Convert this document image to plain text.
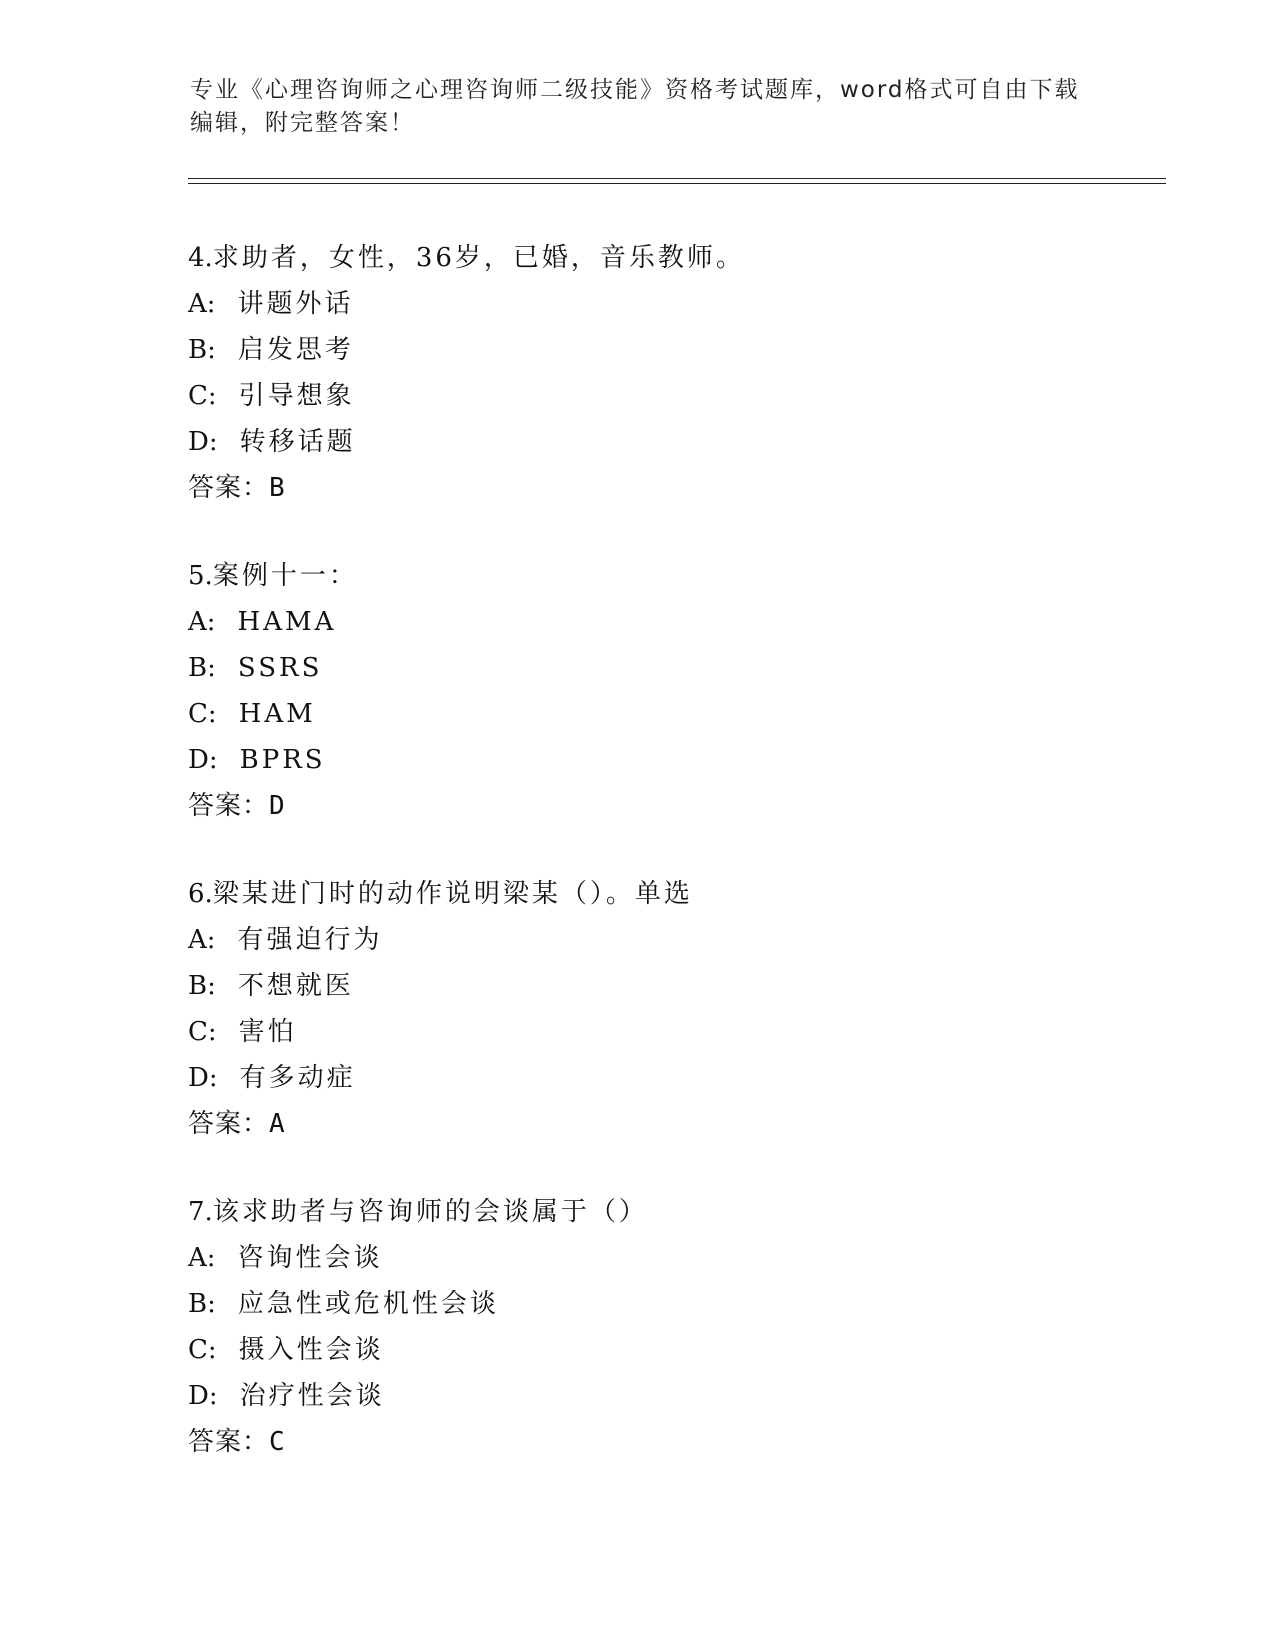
专业《心理咨询师之心理咨询师二级技能》资格考试题库，word格式可自由下载
编辑，附完整答案！
4.求助者，女性，36岁，已婚，音乐教师。
A: 讲题外话
B: 启发思考
C: 引导想象
D: 转移话题
答案：B
5.案例十一：
A: HAMA
B: SSRS
C: HAM
D: BPRS
答案：D
6.梁某进门时的动作说明梁某（）。单选
A: 有强迫行为
B: 不想就医
C: 害怕
D: 有多动症
答案：A
7.该求助者与咨询师的会谈属于（）
A: 咨询性会谈
B: 应急性或危机性会谈
C: 摄入性会谈
D: 治疗性会谈
答案：C
